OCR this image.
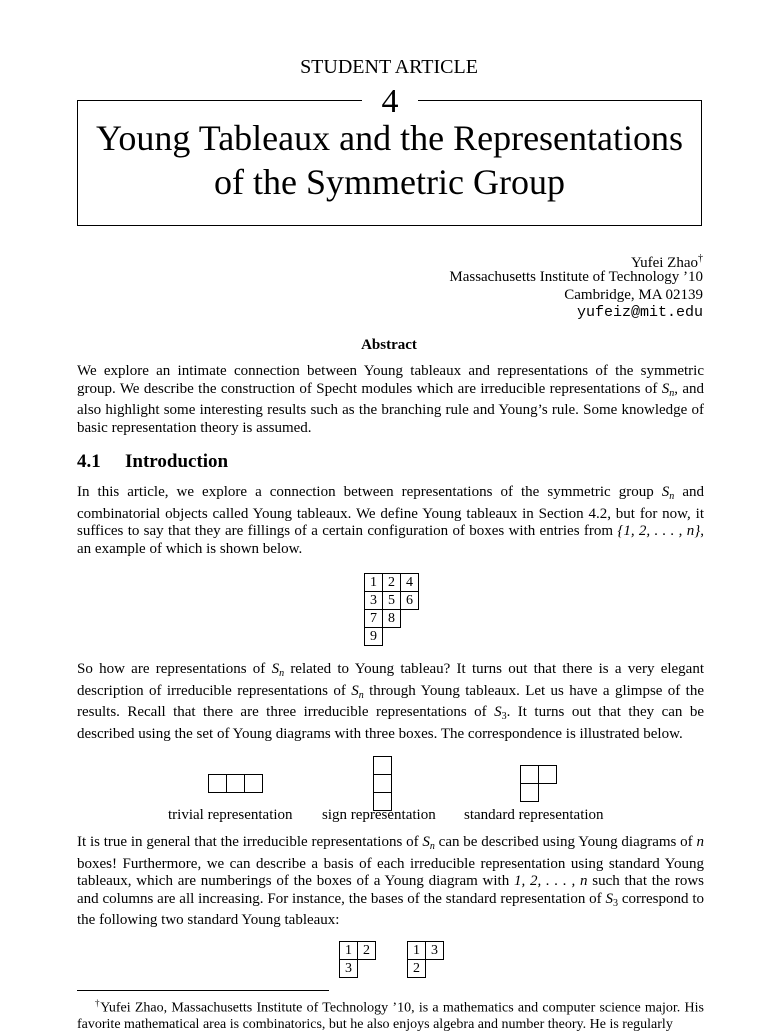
STUDENT ARTICLE
4
Young Tableaux and the Representations
of the Symmetric Group
Yufei Zhao†
Massachusetts Institute of Technology ’10
Cambridge, MA 02139
yufeiz@mit.edu
Abstract
We explore an intimate connection between Young tableaux and representations of the symmetric group. We describe the construction of Specht modules which are irreducible representations of $S_n$, and also highlight some interesting results such as the branching rule and Young’s rule. Some knowledge of basic representation theory is assumed.
4.1 Introduction
In this article, we explore a connection between representations of the symmetric group $S_n$ and combinatorial objects called Young tableaux. We define Young tableaux in Section 4.2, but for now, it suffices to say that they are fillings of a certain configuration of boxes with entries from {1, 2, . . . , n}, an example of which is shown below.
1	2	4
3	5	6
7	8	
9		
So how are representations of $S_n$ related to Young tableau? It turns out that there is a very elegant description of irreducible representations of $S_n$ through Young tableaux. Let us have a glimpse of the results. Recall that there are three irreducible representations of $S_3$. It turns out that they can be described using the set of Young diagrams with three boxes. The correspondence is illustrated below.

trivial representation sign representation standard representation
It is true in general that the irreducible representations of $S_n$ can be described using Young diagrams of n boxes! Furthermore, we can describe a basis of each irreducible representation using standard Young tableaux, which are numberings of the boxes of a Young diagram with 1, 2, . . . , n such that the rows and columns are all increasing. For instance, the bases of the standard representation of $S_3$ correspond to the following two standard Young tableaux:
1	2
3	
1	3
2	
†Yufei Zhao, Massachusetts Institute of Technology ’10, is a mathematics and computer science major. His favorite mathematical area is combinatorics, but he also enjoys algebra and number theory. He is regularly
